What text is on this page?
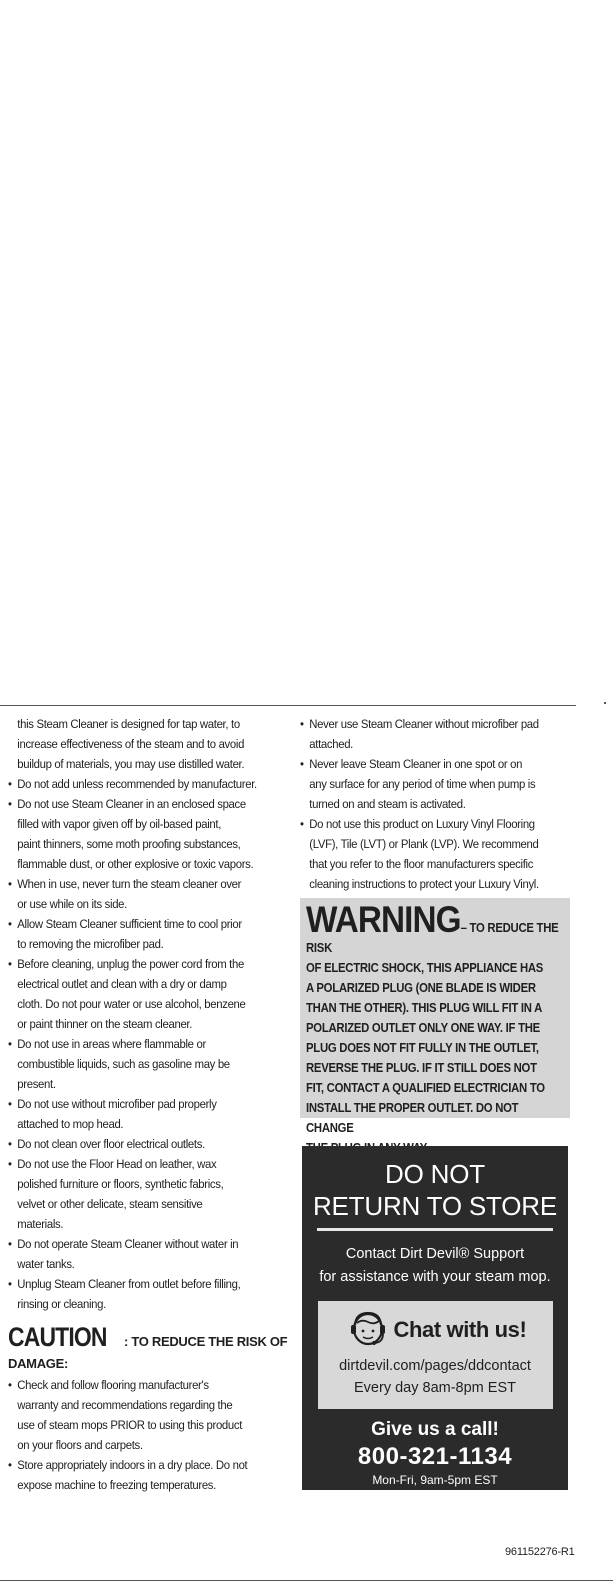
this Steam Cleaner is designed for tap water, to
increase effectiveness of the steam and to avoid
buildup of materials, you may use distilled water.
• Do not add unless recommended by manufacturer.
• Do not use Steam Cleaner in an enclosed space
filled with vapor given off by oil-based paint,
paint thinners, some moth proofing substances,
flammable dust, or other explosive or toxic vapors.
• When in use, never turn the steam cleaner over
or use while on its side.
• Allow Steam Cleaner sufficient time to cool prior
to removing the microfiber pad.
• Before cleaning, unplug the power cord from the
electrical outlet and clean with a dry or damp
cloth. Do not pour water or use alcohol, benzene
or paint thinner on the steam cleaner.
• Do not use in areas where flammable or
combustible liquids, such as gasoline may be
present.
• Do not use without microfiber pad properly
attached to mop head.
• Do not clean over floor electrical outlets.
• Do not use the Floor Head on leather, wax
polished furniture or floors, synthetic fabrics,
velvet or other delicate, steam sensitive
materials.
• Do not operate Steam Cleaner without water in
water tanks.
• Unplug Steam Cleaner from outlet before filling,
rinsing or cleaning.
CAUTION : TO REDUCE THE RISK OF
DAMAGE:
• Check and follow flooring manufacturer's
warranty and recommendations regarding the
use of steam mops PRIOR to using this product
on your floors and carpets.
• Store appropriately indoors in a dry place. Do not
expose machine to freezing temperatures.
• Never use Steam Cleaner without microfiber pad
attached.
• Never leave Steam Cleaner in one spot or on
any surface for any period of time when pump is
turned on and steam is activated.
• Do not use this product on Luxury Vinyl Flooring
(LVF), Tile (LVT) or Plank (LVP). We recommend
that you refer to the floor manufacturers specific
cleaning instructions to protect your Luxury Vinyl.
WARNING– TO REDUCE THE RISK
OF ELECTRIC SHOCK, THIS APPLIANCE HAS
A POLARIZED PLUG (ONE BLADE IS WIDER
THAN THE OTHER). THIS PLUG WILL FIT IN A
POLARIZED OUTLET ONLY ONE WAY. IF THE
PLUG DOES NOT FIT FULLY IN THE OUTLET,
REVERSE THE PLUG. IF IT STILL DOES NOT
FIT, CONTACT A QUALIFIED ELECTRICIAN TO
INSTALL THE PROPER OUTLET. DO NOT CHANGE

DO NOT
RETURN TO STORE
Contact Dirt Devil® Support
for assistance with your steam mop.
Chat with us!
dirtdevil.com/pages/ddcontact
Every day 8am-8pm EST
Give us a call!
800-321-1134
Mon-Fri, 9am-5pm EST
961152276-R1
